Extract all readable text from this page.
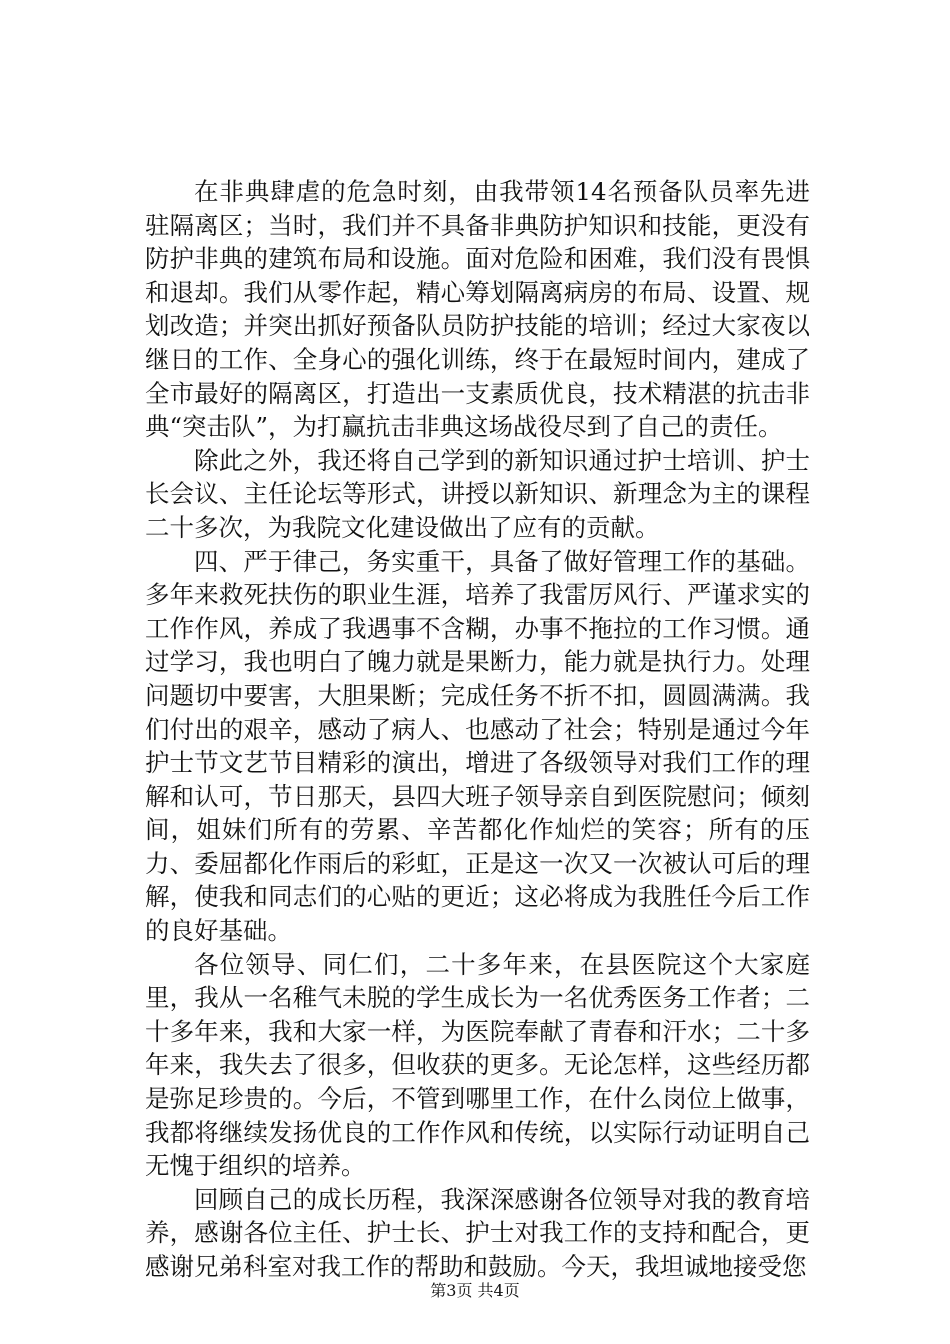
在非典肆虐的危急时刻，由我带领14名预备队员率先进驻隔离区；当时，我们并不具备非典防护知识和技能，更没有防护非典的建筑布局和设施。面对危险和困难，我们没有畏惧和退却。我们从零作起，精心筹划隔离病房的布局、设置、规划改造；并突出抓好预备队员防护技能的培训；经过大家夜以继日的工作、全身心的强化训练，终于在最短时间内，建成了全市最好的隔离区，打造出一支素质优良，技术精湛的抗击非典“突击队”，为打赢抗击非典这场战役尽到了自己的责任。

除此之外，我还将自己学到的新知识通过护士培训、护士长会议、主任论坛等形式，讲授以新知识、新理念为主的课程二十多次，为我院文化建设做出了应有的贡献。

四、严于律己，务实重干，具备了做好管理工作的基础。多年来救死扶伤的职业生涯，培养了我雷厉风行、严谨求实的工作作风，养成了我遇事不含糊，办事不拖拉的工作习惯。通过学习，我也明白了魄力就是果断力，能力就是执行力。处理问题切中要害，大胆果断；完成任务不折不扣，圆圆满满。我们付出的艰辛，感动了病人、也感动了社会；特别是通过今年护士节文艺节目精彩的演出，增进了各级领导对我们工作的理解和认可，节日那天，县四大班子领导亲自到医院慰问；倾刻间，姐妹们所有的劳累、辛苦都化作灿烂的笑容；所有的压力、委屈都化作雨后的彩虹，正是这一次又一次被认可后的理解，使我和同志们的心贴的更近；这必将成为我胜任今后工作的良好基础。

各位领导、同仁们，二十多年来，在县医院这个大家庭里，我从一名稚气未脱的学生成长为一名优秀医务工作者；二十多年来，我和大家一样，为医院奉献了青春和汗水；二十多年来，我失去了很多，但收获的更多。无论怎样，这些经历都是弥足珍贵的。今后，不管到哪里工作，在什么岗位上做事，我都将继续发扬优良的工作作风和传统，以实际行动证明自己无愧于组织的培养。

回顾自己的成长历程，我深深感谢各位领导对我的教育培养，感谢各位主任、护士长、护士对我工作的支持和配合，更感谢兄弟科室对我工作的帮助和鼓励。今天，我坦诚地接受您

第3页 共4页
